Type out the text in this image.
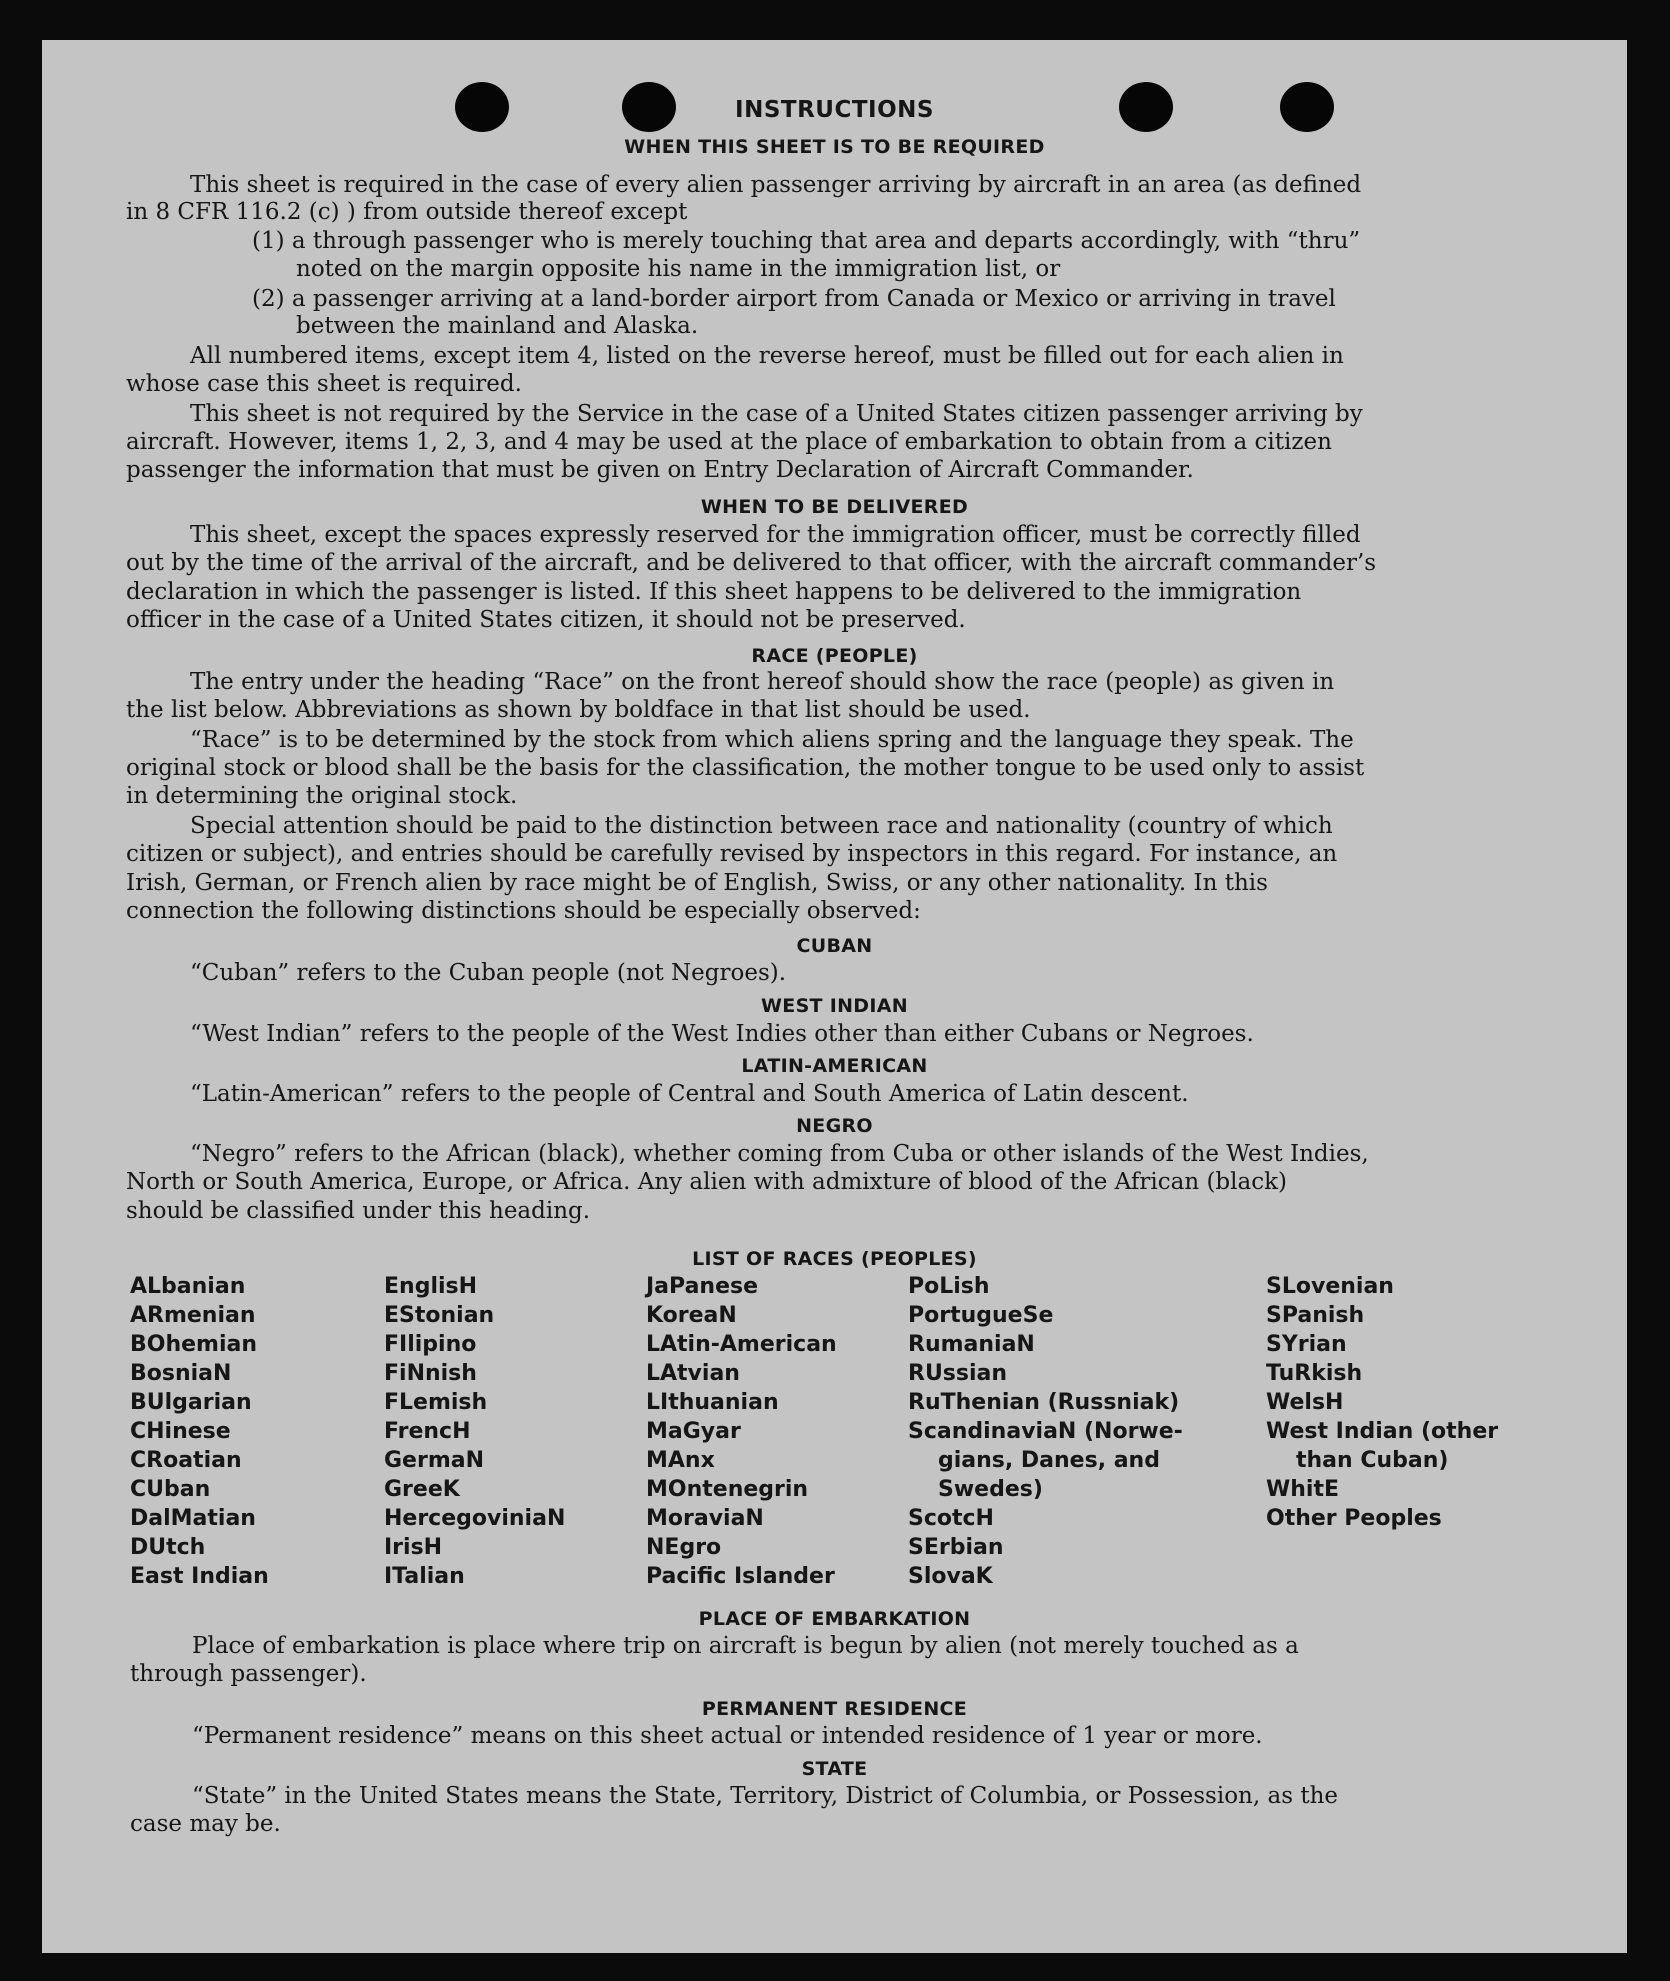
INSTRUCTIONS
WHEN THIS SHEET IS TO BE REQUIRED
This sheet is required in the case of every alien passenger arriving by aircraft in an area (as defined
in 8 CFR 116.2 (c) ) from outside thereof except
(1) a through passenger who is merely touching that area and departs accordingly, with “thru”
noted on the margin opposite his name in the immigration list, or
(2) a passenger arriving at a land-border airport from Canada or Mexico or arriving in travel
between the mainland and Alaska.
All numbered items, except item 4, listed on the reverse hereof, must be filled out for each alien in
whose case this sheet is required.
This sheet is not required by the Service in the case of a United States citizen passenger arriving by
aircraft. However, items 1, 2, 3, and 4 may be used at the place of embarkation to obtain from a citizen
passenger the information that must be given on Entry Declaration of Aircraft Commander.
WHEN TO BE DELIVERED
This sheet, except the spaces expressly reserved for the immigration officer, must be correctly filled
out by the time of the arrival of the aircraft, and be delivered to that officer, with the aircraft commander’s
declaration in which the passenger is listed. If this sheet happens to be delivered to the immigration
officer in the case of a United States citizen, it should not be preserved.
RACE (PEOPLE)
The entry under the heading “Race” on the front hereof should show the race (people) as given in
the list below. Abbreviations as shown by boldface in that list should be used.
“Race” is to be determined by the stock from which aliens spring and the language they speak. The
original stock or blood shall be the basis for the classification, the mother tongue to be used only to assist
in determining the original stock.
Special attention should be paid to the distinction between race and nationality (country of which
citizen or subject), and entries should be carefully revised by inspectors in this regard. For instance, an
Irish, German, or French alien by race might be of English, Swiss, or any other nationality. In this
connection the following distinctions should be especially observed:
CUBAN
“Cuban” refers to the Cuban people (not Negroes).
WEST INDIAN
“West Indian” refers to the people of the West Indies other than either Cubans or Negroes.
LATIN-AMERICAN
“Latin-American” refers to the people of Central and South America of Latin descent.
NEGRO
“Negro” refers to the African (black), whether coming from Cuba or other islands of the West Indies,
North or South America, Europe, or Africa. Any alien with admixture of blood of the African (black)
should be classified under this heading.
LIST OF RACES (PEOPLES)
ALbanian
ARmenian
BOhemian
BosniaN
BUlgarian
CHinese
CRoatian
CUban
DalMatian
DUtch
East Indian
EnglisH
EStonian
FIlipino
FiNnish
FLemish
FrencH
GermaN
GreeK
HercegoviniaN
IrisH
ITalian
JaPanese
KoreaN
LAtin-American
LAtvian
LIthuanian
MaGyar
MAnx
MOntenegrin
MoraviaN
NEgro
Pacific Islander
PoLish
PortugueSe
RumaniaN
RUssian
RuThenian (Russniak)
ScandinaviaN (Norwe-
gians, Danes, and
Swedes)
ScotcH
SErbian
SlovaK
SLovenian
SPanish
SYrian
TuRkish
WelsH
West Indian (other
than Cuban)
WhitE
Other Peoples
PLACE OF EMBARKATION
Place of embarkation is place where trip on aircraft is begun by alien (not merely touched as a
through passenger).
PERMANENT RESIDENCE
“Permanent residence” means on this sheet actual or intended residence of 1 year or more.
STATE
“State” in the United States means the State, Territory, District of Columbia, or Possession, as the
case may be.
